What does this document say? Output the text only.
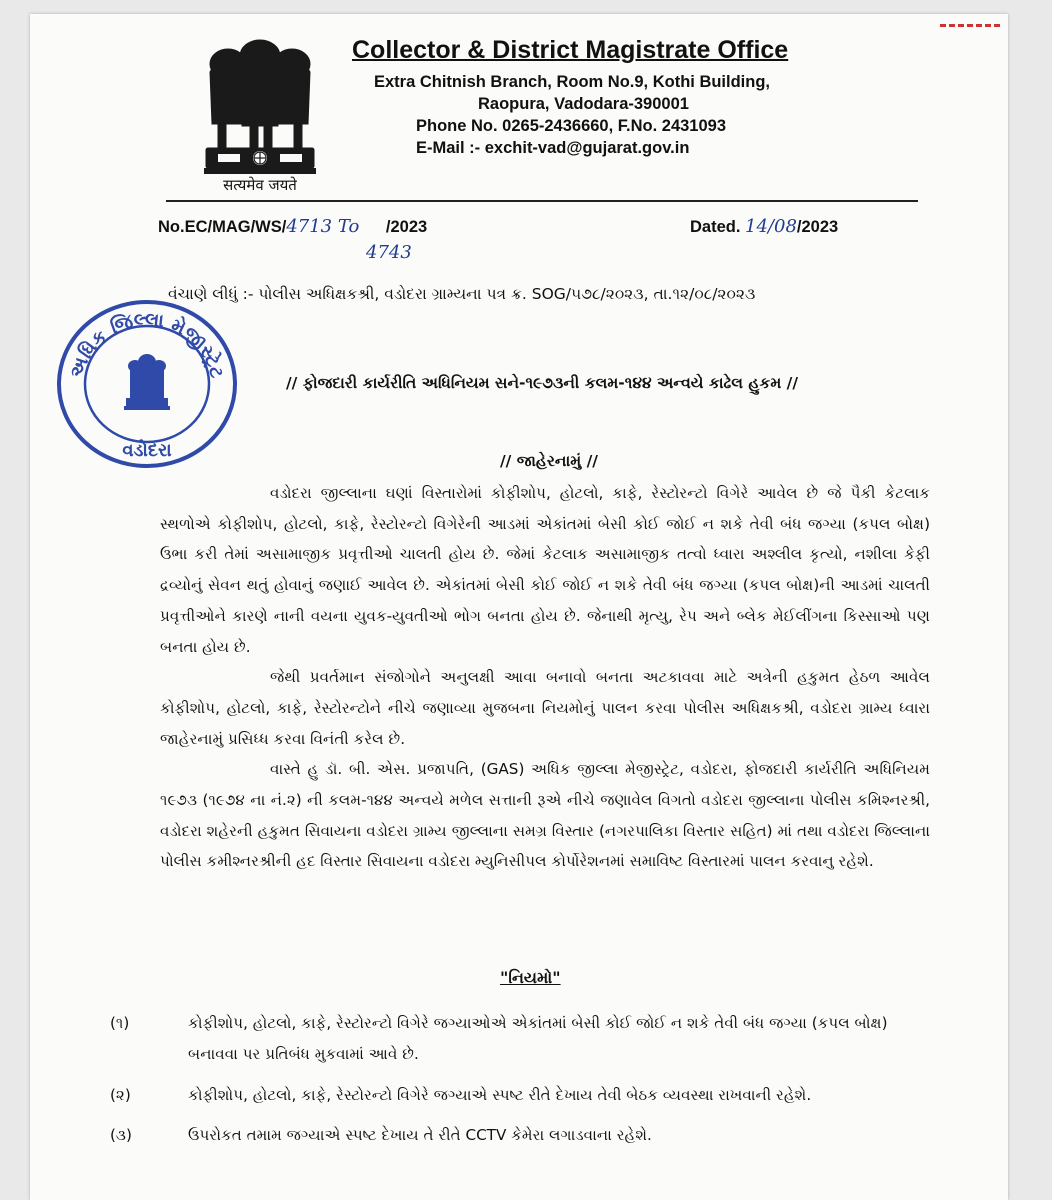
सत्यमेव जयते
Collector & District Magistrate Office
Extra Chitnish Branch, Room No.9, Kothi Building,
Raopura, Vadodara-390001
Phone No. 0265-2436660, F.No. 2431093
E-Mail :- exchit-vad@gujarat.gov.in
No.EC/MAG/WS/4713 To /2023
4743
Dated. 14/08/2023
વંચાણે લીધું :- પોલીસ અધિક્ષકશ્રી, વડોદરા ગ્રામ્યના પત્ર ક્ર. SOG/૫૭૮/૨૦૨૩, તા.૧૨/૦૮/૨૦૨૩
અધિક જિલ્લા મેજીસ્ટ્રેટ
વડોદરા
// ફોજદારી કાર્યરીતિ અધિનિયમ સને-૧૯૭૩ની કલમ-૧૪૪ અન્વયે કાઢેલ હુકમ //
// જાહેરનામું //

વડોદરા જીલ્લાના ઘણાં વિસ્તારોમાં કોફીશોપ, હોટલો, કાફે, રેસ્ટોરન્ટો વિગેરે આવેલ છે જે પૈકી કેટલાક સ્થળોએ કોફીશોપ, હોટલો, કાફે, રેસ્ટોરન્ટો વિગેરેની આડમાં એકાંતમાં બેસી કોઈ જોઈ ન શકે તેવી બંધ જગ્યા (કપલ બોક્ષ) ઉભા કરી તેમાં અસામાજીક પ્રવૃત્તીઓ ચાલતી હોય છે. જેમાં કેટલાક અસામાજીક તત્વો ધ્વારા અશ્લીલ કૃત્યો, નશીલા કેફી દ્રવ્યોનું સેવન થતું હોવાનું જણાઈ આવેલ છે. એકાંતમાં બેસી કોઈ જોઈ ન શકે તેવી બંધ જગ્યા (કપલ બોક્ષ)ની આડમાં ચાલતી પ્રવૃત્તીઓને કારણે નાની વયના યુવક-યુવતીઓ ભોગ બનતા હોય છે. જેનાથી મૃત્યુ, રેપ અને બ્લેક મેઈલીંગના કિસ્સાઓ પણ બનતા હોય છે.

જેથી પ્રવર્તમાન સંજોગોને અનુલક્ષી આવા બનાવો બનતા અટકાવવા માટે અત્રેની હકુમત હેઠળ આવેલ કોફીશોપ, હોટલો, કાફે, રેસ્ટોરન્ટોને નીચે જણાવ્યા મુજબના નિયમોનું પાલન કરવા પોલીસ અધિક્ષકશ્રી, વડોદરા ગ્રામ્ય ધ્વારા જાહેરનામું પ્રસિધ્ધ કરવા વિનંતી કરેલ છે.

વાસ્તે હુ ડૉ. બી. એસ. પ્રજાપતિ, (GAS) અધિક જીલ્લા મેજીસ્ટ્રેટ, વડોદરા, ફોજદારી કાર્યરીતિ અધિનિયમ ૧૯૭૩ (૧૯૭૪ ના નં.૨) ની કલમ-૧૪૪ અન્વયે મળેલ સત્તાની રૂએ નીચે જણાવેલ વિગતો વડોદરા જીલ્લાના પોલીસ કમિશ્નરશ્રી, વડોદરા શહેરની હકુમત સિવાયના વડોદરા ગ્રામ્ય જીલ્લાના સમગ્ર વિસ્તાર (નગરપાલિકા વિસ્તાર સહિત) માં તથા વડોદરા જિલ્લાના પોલીસ કમીશ્નરશ્રીની હદ વિસ્તાર સિવાયના વડોદરા મ્યુનિસીપલ કોર્પોરેશનમાં સમાવિષ્ટ વિસ્તારમાં પાલન કરવાનુ રહેશે.

"નિયમો"
(૧)	કોફીશોપ, હોટલો, કાફે, રેસ્ટોરન્ટો વિગેરે જગ્યાઓએ એકાંતમાં બેસી કોઈ જોઈ ન શકે તેવી બંધ જગ્યા (કપલ બોક્ષ) બનાવવા પર પ્રતિબંધ મુકવામાં આવે છે.
(૨)	કોફીશોપ, હોટલો, કાફે, રેસ્ટોરન્ટો વિગેરે જગ્યાએ સ્પષ્ટ રીતે દેખાય તેવી બેઠક વ્યવસ્થા રાખવાની રહેશે.
(૩)	ઉપરોકત તમામ જગ્યાએ સ્પષ્ટ દેખાય તે રીતે CCTV કેમેરા લગાડવાના રહેશે.
